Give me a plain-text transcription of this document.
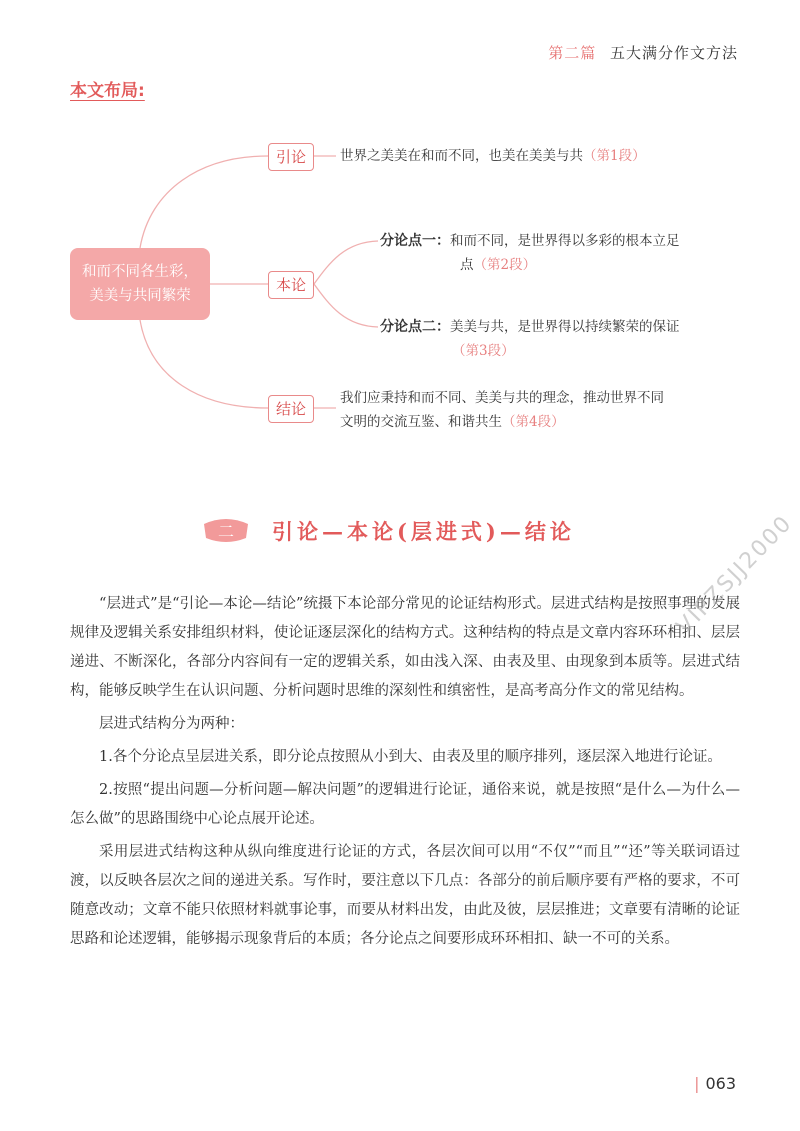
第二篇 五大满分作文方法
本文布局:
和而不同各生彩，
美美与共同繁荣
引论
本论
结论
世界之美美在和而不同，也美在美美与共（第1段）
分论点一：和而不同，是世界得以多彩的根本立足
点（第2段）
分论点二：美美与共，是世界得以持续繁荣的保证
（第3段）
我们应秉持和而不同、美美与共的理念，推动世界不同
文明的交流互鉴、和谐共生（第4段）
二 引论—本论(层进式)—结论

“层进式”是“引论—本论—结论”统摄下本论部分常见的论证结构形式。层进式结构是按照事理的发展规律及逻辑关系安排组织材料，使论证逐层深化的结构方式。这种结构的特点是文章内容环环相扣、层层递进、不断深化，各部分内容间有一定的逻辑关系，如由浅入深、由表及里、由现象到本质等。层进式结构，能够反映学生在认识问题、分析问题时思维的深刻性和缜密性，是高考高分作文的常见结构。

层进式结构分为两种：

1.各个分论点呈层进关系，即分论点按照从小到大、由表及里的顺序排列，逐层深入地进行论证。

2.按照“提出问题—分析问题—解决问题”的逻辑进行论证，通俗来说，就是按照“是什么—为什么—怎么做”的思路围绕中心论点展开论述。

采用层进式结构这种从纵向维度进行论证的方式，各层次间可以用“不仅”“而且”“还”等关联词语过渡，以反映各层次之间的递进关系。写作时，要注意以下几点：各部分的前后顺序要有严格的要求，不可随意改动；文章不能只依照材料就事论事，而要从材料出发，由此及彼，层层推进；文章要有清晰的论证思路和论述逻辑，能够揭示现象背后的本质；各分论点之间要形成环环相扣、缺一不可的关系。

VIPZSJJ2000
| 063
